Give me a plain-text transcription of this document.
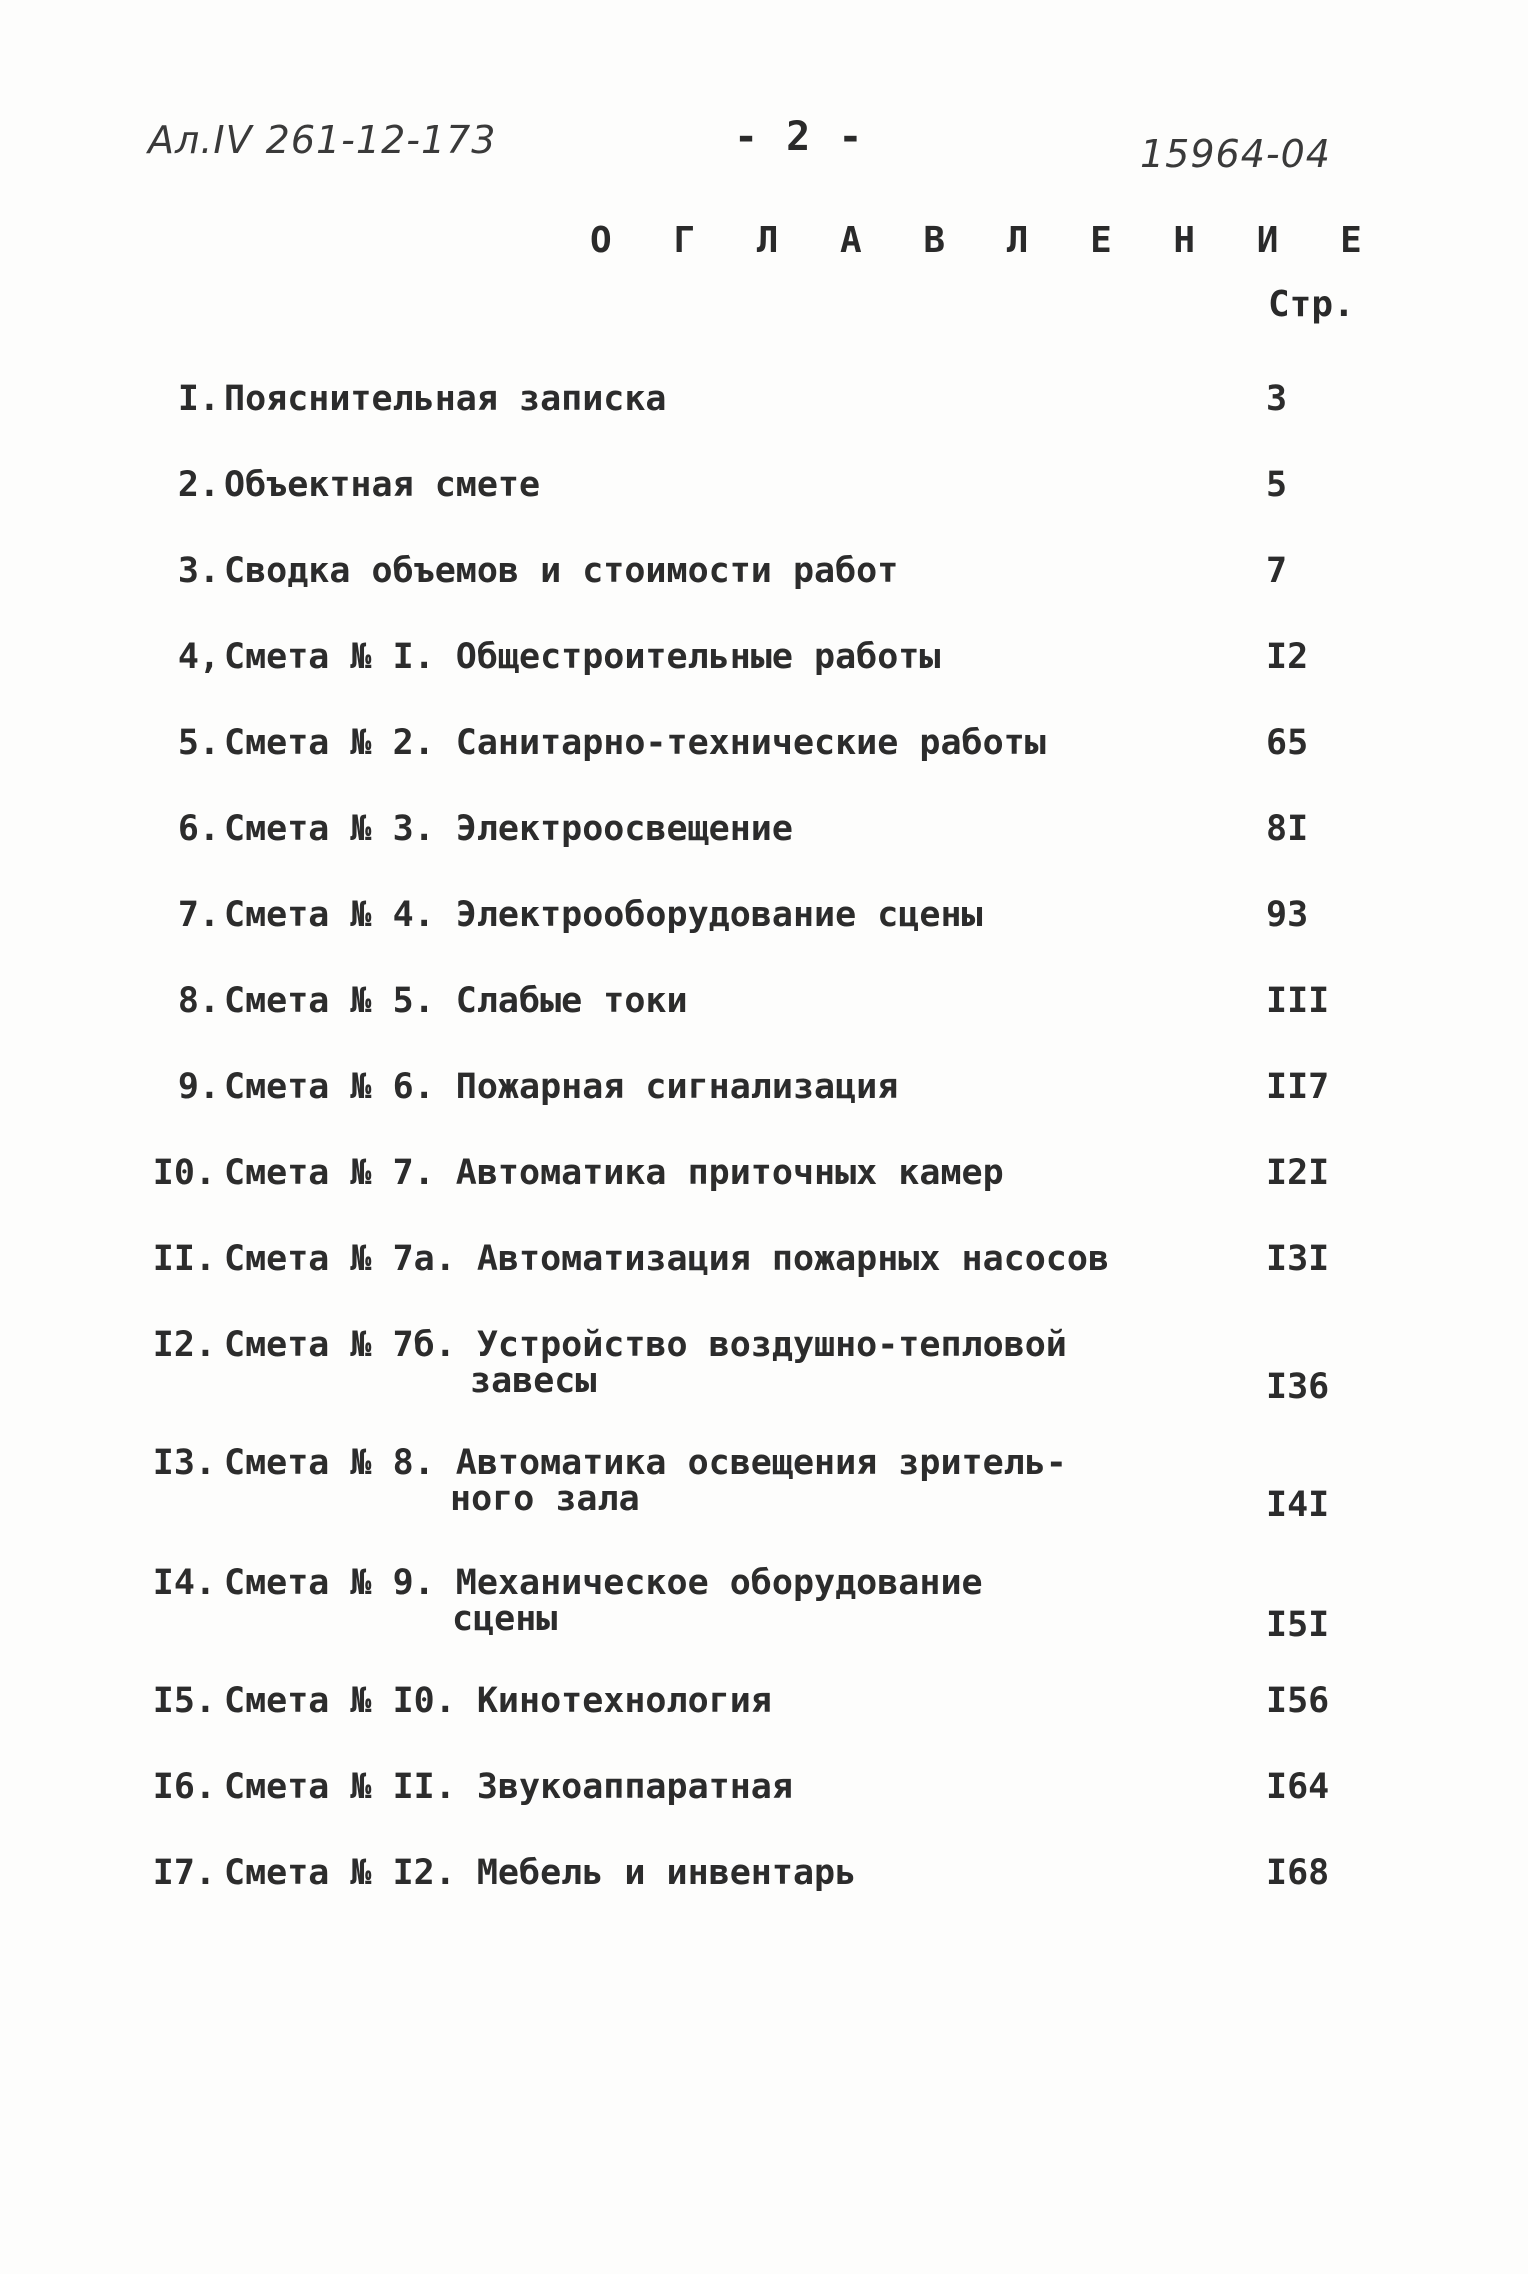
Ал.IV 261-12-173	- 2 -	15964-04
О Г Л А В Л Е Н И Е
Стр.
I. Пояснительная записка	3
2. Объектная смете	5
3. Сводка объемов и стоимости работ	7
4, Смета № I. Общестроительные работы	I2
5. Смета № 2. Санитарно-технические работы	65
6. Смета № 3. Электроосвещение	8I
7. Смета № 4. Электрооборудование сцены	93
8. Смета № 5. Слабые токи	III
9. Смета № 6. Пожарная сигнализация	II7
I0. Смета № 7. Автоматика приточных камер	I2I
II. Смета № 7а. Автоматизация пожарных насосов	I3I
I2. Смета № 7б. Устройство воздушно-тепловой
завесы	I36
I3. Смета № 8. Автоматика освещения зритель-
ного зала	I4I
I4. Смета № 9. Механическое оборудование
сцены	I5I
I5. Смета № I0. Кинотехнология	I56
I6. Смета № II. Звукоаппаратная	I64
I7. Смета № I2. Мебель и инвентарь	I68
